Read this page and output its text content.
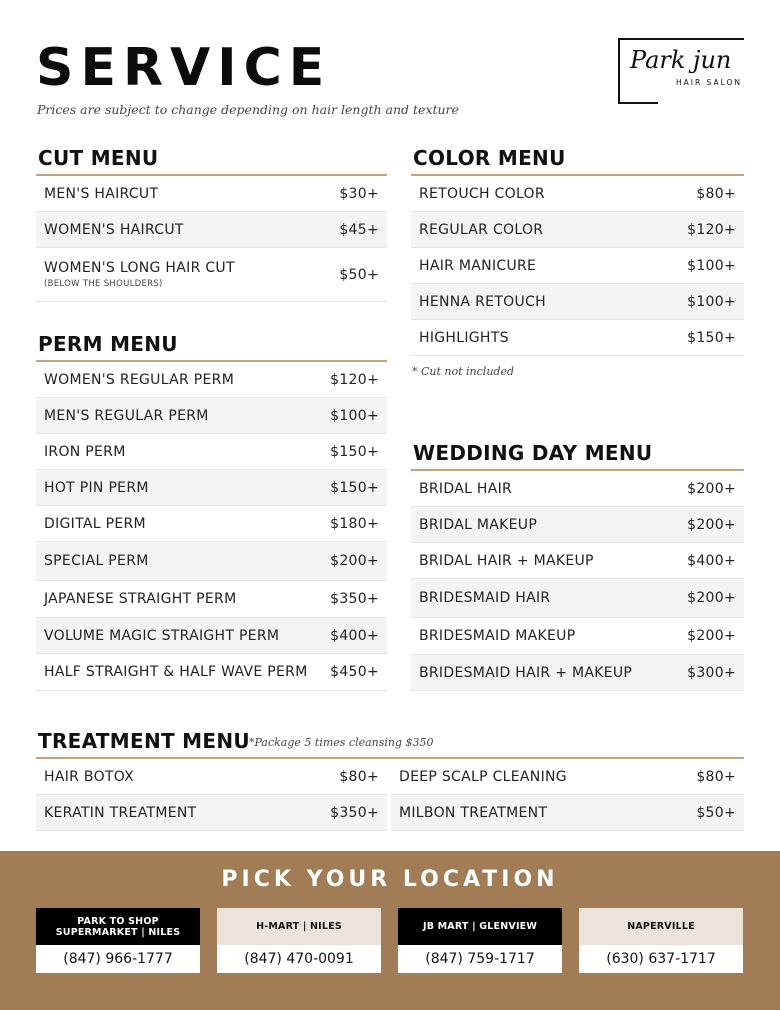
SERVICE
Prices are subject to change depending on hair length and texture
Park jun
HAIR SALON
CUT MENU
MEN'S HAIRCUT	$30+
WOMEN'S HAIRCUT	$45+
WOMEN'S LONG HAIR CUT
(BELOW THE SHOULDERS)
$50+
PERM MENU
WOMEN'S REGULAR PERM	$120+
MEN'S REGULAR PERM	$100+
IRON PERM	$150+
HOT PIN PERM	$150+
DIGITAL PERM	$180+
SPECIAL PERM	$200+
JAPANESE STRAIGHT PERM	$350+
VOLUME MAGIC STRAIGHT PERM	$400+
HALF STRAIGHT & HALF WAVE PERM $450+
COLOR MENU
RETOUCH COLOR	$80+
REGULAR COLOR	$120+
HAIR MANICURE	$100+
HENNA RETOUCH	$100+
HIGHLIGHTS	$150+
* Cut not included
WEDDING DAY MENU
BRIDAL HAIR	$200+
BRIDAL MAKEUP	$200+
BRIDAL HAIR + MAKEUP	$400+
BRIDESMAID HAIR	$200+
BRIDESMAID MAKEUP	$200+
BRIDESMAID HAIR + MAKEUP	$300+
TREATMENT MENU *Package 5 times cleansing $350
HAIR BOTOX	$80+
KERATIN TREATMENT	$350+
DEEP SCALP CLEANING	$80+
MILBON TREATMENT	$50+
PICK YOUR LOCATION
PARK TO SHOP SUPERMARKET | NILES
(847) 966-1777
H-MART | NILES
(847) 470-0091
JB MART | GLENVIEW
(847) 759-1717
NAPERVILLE
(630) 637-1717
